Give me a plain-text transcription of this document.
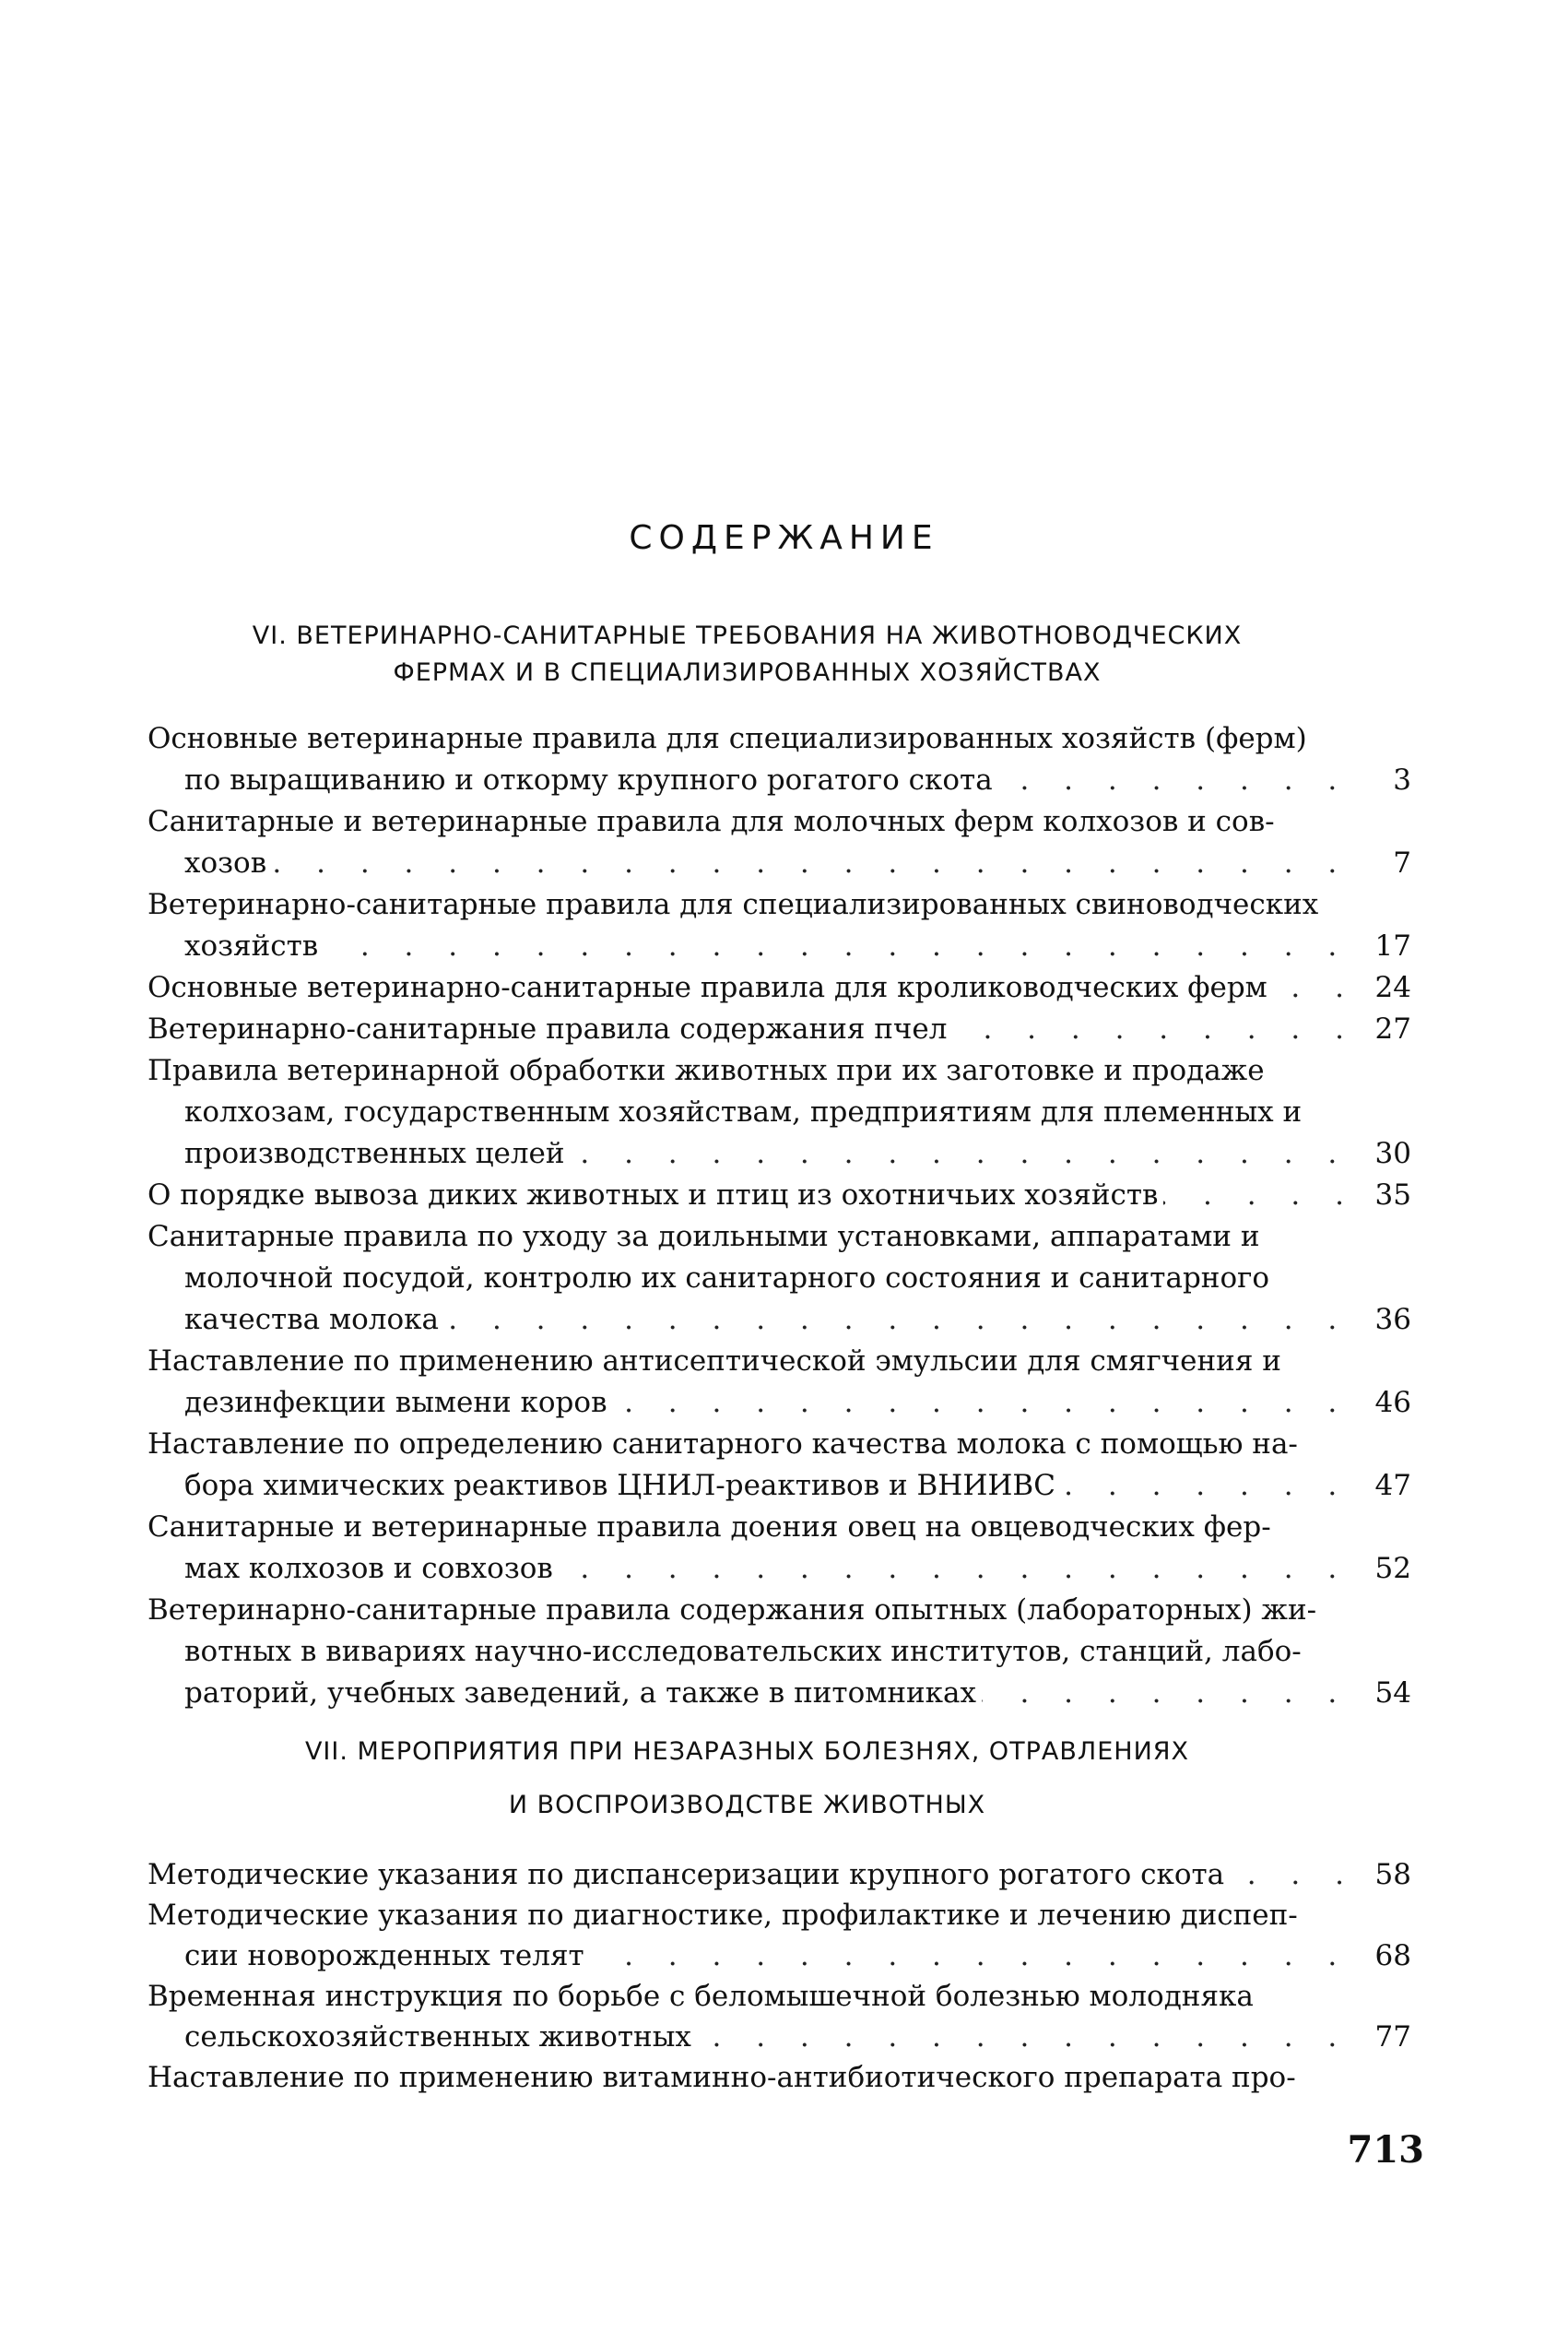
СОДЕРЖАНИЕ
VI. ВЕТЕРИНАРНО-САНИТАРНЫЕ ТРЕБОВАНИЯ НА ЖИВОТНОВОДЧЕСКИХ
ФЕРМАХ И В СПЕЦИАЛИЗИРОВАННЫХ ХОЗЯЙСТВАХ
Основные ветеринарные правила для специализированных хозяйств (ферм)
. . .
по выращиванию и откорму крупного рогатого скота	3
Санитарные и ветеринарные правила для молочных ферм колхозов и сов-
. . .
хозов	7
Ветеринарно-санитарные правила для специализированных свиноводческих
. . .
хозяйств	17
. . .
Основные ветеринарно-санитарные правила для кролиководческих ферм	24
. . .
Ветеринарно-санитарные правила содержания пчел	27
Правила ветеринарной обработки животных при их заготовке и продаже
колхозам, государственным хозяйствам, предприятиям для племенных и
. . .
производственных целей	30
. . .
О порядке вывоза диких животных и птиц из охотничьих хозяйств	35
Санитарные правила по уходу за доильными установками, аппаратами и
молочной посудой, контролю их санитарного состояния и санитарного
. . .
качества молока	36
Наставление по применению антисептической эмульсии для смягчения и
. . .
дезинфекции вымени коров	46
Наставление по определению санитарного качества молока с помощью на-
. . .
бора химических реактивов ЦНИЛ-реактивов и ВНИИВС	47
Санитарные и ветеринарные правила доения овец на овцеводческих фер-
. . .
мах колхозов и совхозов	52
Ветеринарно-санитарные правила содержания опытных (лабораторных) жи-
вотных в вивариях научно-исследовательских институтов, станций, лабо-
. . .
раторий, учебных заведений, а также в питомниках	54
VII. МЕРОПРИЯТИЯ ПРИ НЕЗАРАЗНЫХ БОЛЕЗНЯХ, ОТРАВЛЕНИЯХ
И ВОСПРОИЗВОДСТВЕ ЖИВОТНЫХ
. . .
Методические указания по диспансеризации крупного рогатого скота	58
Методические указания по диагностике, профилактике и лечению диспеп-
. . .
сии новорожденных телят	68
Временная инструкция по борьбе с беломышечной болезнью молодняка
. . .
сельскохозяйственных животных	77
Наставление по применению витаминно-антибиотического препарата про-
713
